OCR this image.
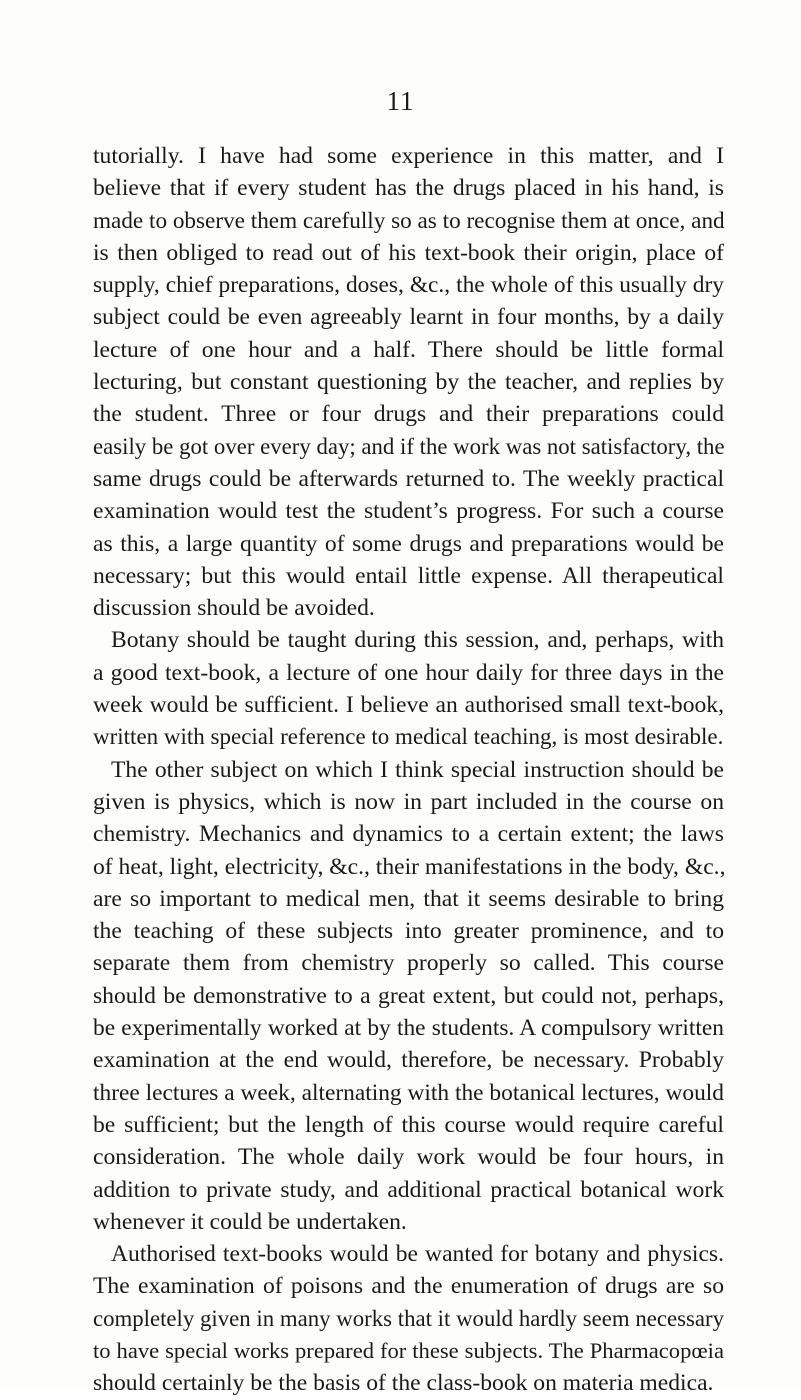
11
tutorially. I have had some experience in this matter, and I
believe that if every student has the drugs placed in his hand, is
made to observe them carefully so as to recognise them at once, and
is then obliged to read out of his text-book their origin, place of
supply, chief preparations, doses, &c., the whole of this usually dry
subject could be even agreeably learnt in four months, by a daily
lecture of one hour and a half. There should be little formal
lecturing, but constant questioning by the teacher, and replies by
the student. Three or four drugs and their preparations could
easily be got over every day; and if the work was not satisfactory, the
same drugs could be afterwards returned to. The weekly practical
examination would test the student’s progress. For such a course
as this, a large quantity of some drugs and preparations would be
necessary; but this would entail little expense. All therapeutical
discussion should be avoided.
Botany should be taught during this session, and, perhaps, with
a good text-book, a lecture of one hour daily for three days in the
week would be sufficient. I believe an authorised small text-book,
written with special reference to medical teaching, is most desirable.
The other subject on which I think special instruction should be
given is physics, which is now in part included in the course on
chemistry. Mechanics and dynamics to a certain extent; the laws
of heat, light, electricity, &c., their manifestations in the body, &c.,
are so important to medical men, that it seems desirable to bring
the teaching of these subjects into greater prominence, and to
separate them from chemistry properly so called. This course
should be demonstrative to a great extent, but could not, perhaps,
be experimentally worked at by the students. A compulsory written
examination at the end would, therefore, be necessary. Probably
three lectures a week, alternating with the botanical lectures, would
be sufficient; but the length of this course would require careful
consideration. The whole daily work would be four hours, in
addition to private study, and additional practical botanical work
whenever it could be undertaken.
Authorised text-books would be wanted for botany and physics.
The examination of poisons and the enumeration of drugs are so
completely given in many works that it would hardly seem necessary
to have special works prepared for these subjects. The Pharmacopœia
should certainly be the basis of the class-book on materia medica.
